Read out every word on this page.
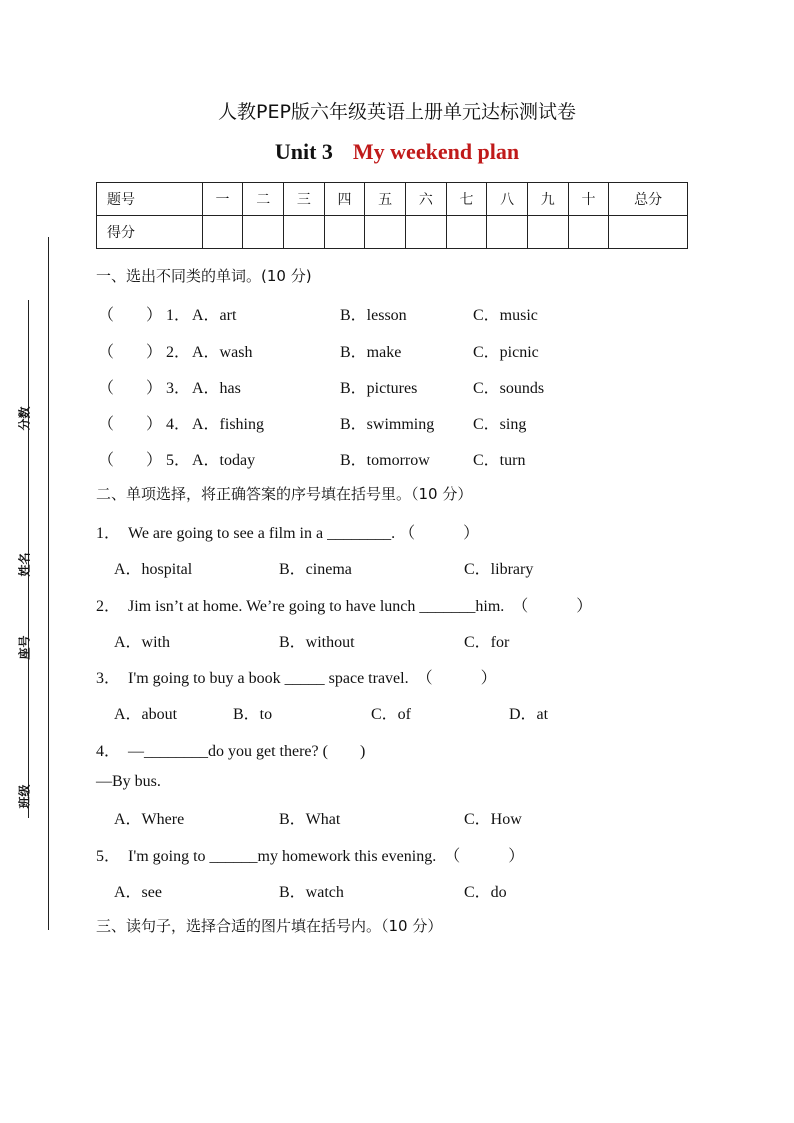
人教PEP版六年级英语上册单元达标测试卷
Unit 3 My weekend plan
题号	一	二	三	四	五	六	七	八	九	十	总分
得分											
分数
姓名
座号
班级
一、选出不同类的单词。(10 分)
（　　） 1． A．art	B．lesson	C．music
（　　） 2． A．wash	B．make	C．picnic
（　　） 3． A．has	B．pictures	C．sounds
（　　） 4． A．fishing	B．swimming C．sing
（　　） 5． A．today	B．tomorrow	C．turn
二、单项选择，将正确答案的序号填在括号里。（10 分）
1．　We are going to see a film in a ________. （　　　）
A．hospital	B．cinema	C．library
2．　Jim isn’t at home. We’re going to have lunch _______him.　（　　　）
A．with	B．without	C．for
3．　I'm going to buy a book _____ space travel.　（　　　）
A．about	B．to	C．of	D．at
4．　—________do you get there? (　　)
—By bus.
A．Where	B．What	C．How
5．　I'm going to ______my homework this evening.　（　　　）
A．see	B．watch	C．do
三、读句子，选择合适的图片填在括号内。（10 分）
